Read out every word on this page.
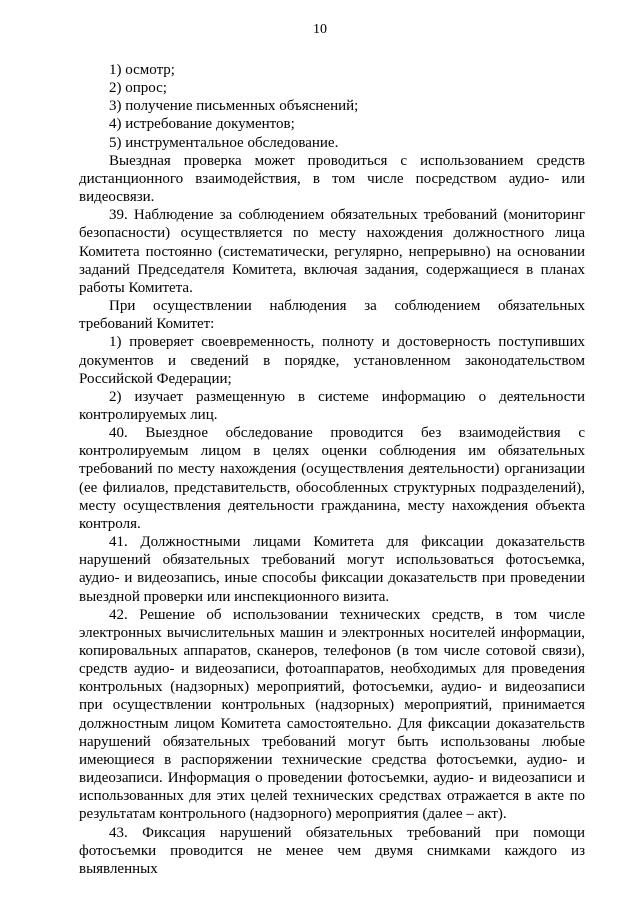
10

1) осмотр;

2) опрос;

3) получение письменных объяснений;

4) истребование документов;

5) инструментальное обследование.

Выездная проверка может проводиться с использованием средств дистанционного взаимодействия, в том числе посредством аудио- или видеосвязи.

39. Наблюдение за соблюдением обязательных требований (мониторинг безопасности) осуществляется по месту нахождения должностного лица Комитета постоянно (систематически, регулярно, непрерывно) на основании заданий Председателя Комитета, включая задания, содержащиеся в планах работы Комитета.

При осуществлении наблюдения за соблюдением обязательных требований Комитет:

1) проверяет своевременность, полноту и достоверность поступивших документов и сведений в порядке, установленном законодательством Российской Федерации;

2) изучает размещенную в системе информацию о деятельности контролируемых лиц.

40. Выездное обследование проводится без взаимодействия с контролируемым лицом в целях оценки соблюдения им обязательных требований по месту нахождения (осуществления деятельности) организации (ее филиалов, представительств, обособленных структурных подразделений), месту осуществления деятельности гражданина, месту нахождения объекта контроля.

41. Должностными лицами Комитета для фиксации доказательств нарушений обязательных требований могут использоваться фотосъемка, аудио- и видеозапись, иные способы фиксации доказательств при проведении выездной проверки или инспекционного визита.

42. Решение об использовании технических средств, в том числе электронных вычислительных машин и электронных носителей информации, копировальных аппаратов, сканеров, телефонов (в том числе сотовой связи), средств аудио- и видеозаписи, фотоаппаратов, необходимых для проведения контрольных (надзорных) мероприятий, фотосъемки, аудио- и видеозаписи при осуществлении контрольных (надзорных) мероприятий, принимается должностным лицом Комитета самостоятельно. Для фиксации доказательств нарушений обязательных требований могут быть использованы любые имеющиеся в распоряжении технические средства фотосъемки, аудио- и видеозаписи. Информация о проведении фотосъемки, аудио- и видеозаписи и использованных для этих целей технических средствах отражается в акте по результатам контрольного (надзорного) мероприятия (далее – акт).

43. Фиксация нарушений обязательных требований при помощи фотосъемки проводится не менее чем двумя снимками каждого из выявленных
